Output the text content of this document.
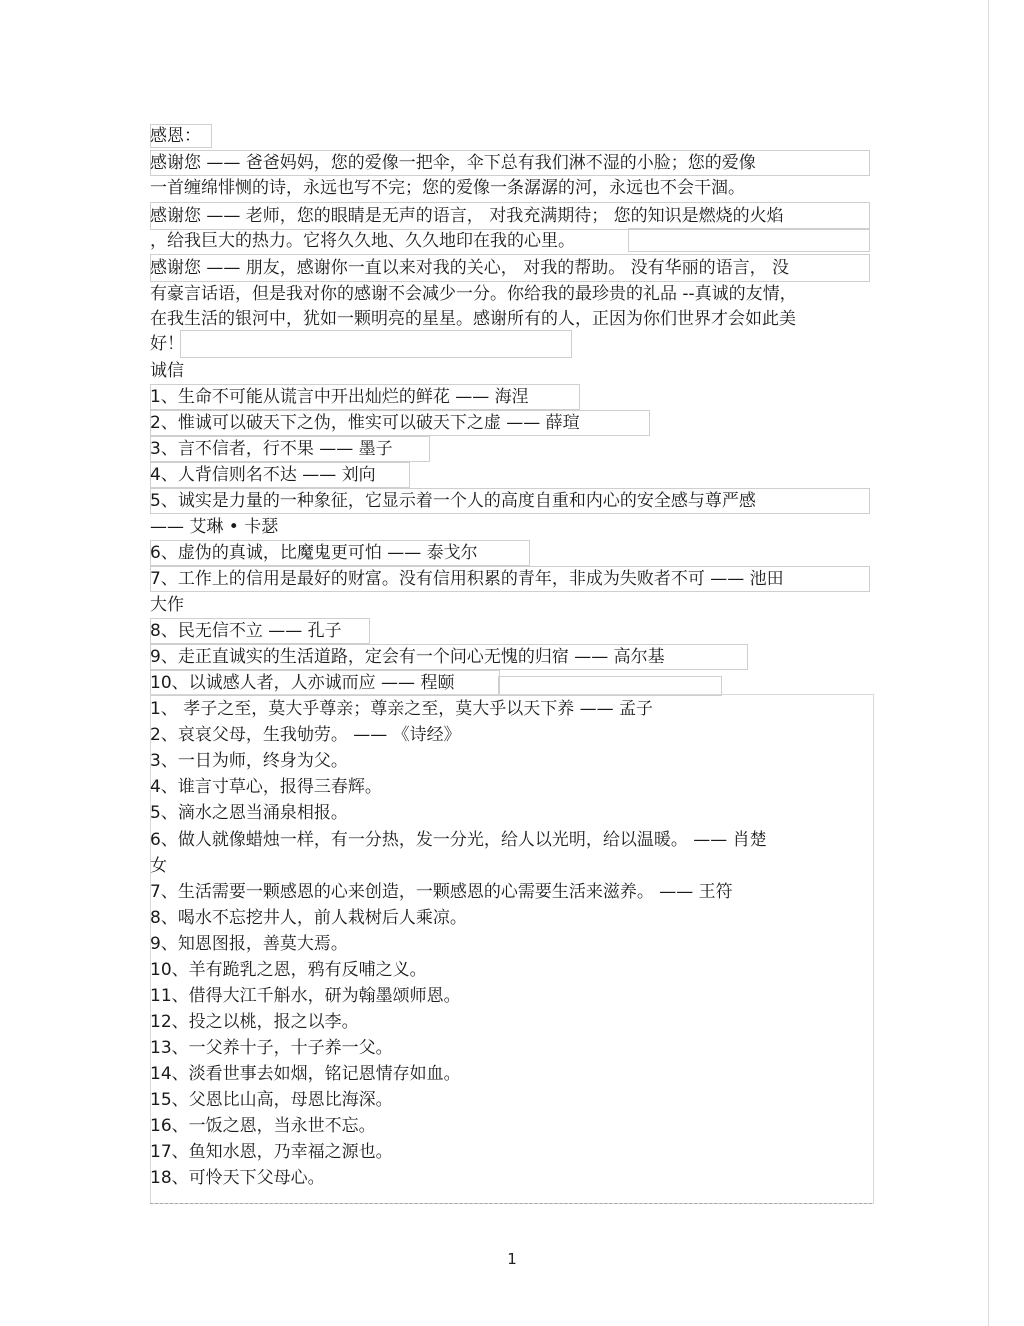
感恩：
感谢您 —— 爸爸妈妈，您的爱像一把伞，伞下总有我们淋不湿的小脸；您的爱像
一首缠绵悱恻的诗，永远也写不完；您的爱像一条潺潺的河，永远也不会干涸。
感谢您 —— 老师，您的眼睛是无声的语言， 对我充满期待； 您的知识是燃烧的火焰
，给我巨大的热力。它将久久地、久久地印在我的心里。
感谢您 —— 朋友，感谢你一直以来对我的关心， 对我的帮助。 没有华丽的语言， 没
有豪言话语，但是我对你的感谢不会减少一分。你给我的最珍贵的礼品 --真诚的友情，
在我生活的银河中，犹如一颗明亮的星星。感谢所有的人，正因为你们世界才会如此美
好！
诚信
1、生命不可能从谎言中开出灿烂的鲜花 —— 海涅
2、惟诚可以破天下之伪，惟实可以破天下之虚 —— 薛瑄
3、言不信者，行不果 —— 墨子
4、人背信则名不达 —— 刘向
5、诚实是力量的一种象征，它显示着一个人的高度自重和内心的安全感与尊严感
—— 艾琳 • 卡瑟
6、虚伪的真诚，比魔鬼更可怕 —— 泰戈尔
7、工作上的信用是最好的财富。没有信用积累的青年，非成为失败者不可 —— 池田
大作
8、民无信不立 —— 孔子
9、走正直诚实的生活道路，定会有一个问心无愧的归宿 —— 高尔基
10、以诚感人者，人亦诚而应 —— 程颐
1、 孝子之至，莫大乎尊亲；尊亲之至，莫大乎以天下养 —— 孟子
2、哀哀父母，生我劬劳。 —— 《诗经》
3、一日为师，终身为父。
4、谁言寸草心，报得三春辉。
5、滴水之恩当涌泉相报。
6、做人就像蜡烛一样，有一分热，发一分光，给人以光明，给以温暖。 —— 肖楚
女
7、生活需要一颗感恩的心来创造，一颗感恩的心需要生活来滋养。 —— 王符
8、喝水不忘挖井人，前人栽树后人乘凉。
9、知恩图报，善莫大焉。
10、羊有跪乳之恩，鸦有反哺之义。
11、借得大江千斛水，研为翰墨颂师恩。
12、投之以桃，报之以李。
13、一父养十子，十子养一父。
14、淡看世事去如烟，铭记恩情存如血。
15、父恩比山高，母恩比海深。
16、一饭之恩，当永世不忘。
17、鱼知水恩，乃幸福之源也。
18、可怜天下父母心。
1
